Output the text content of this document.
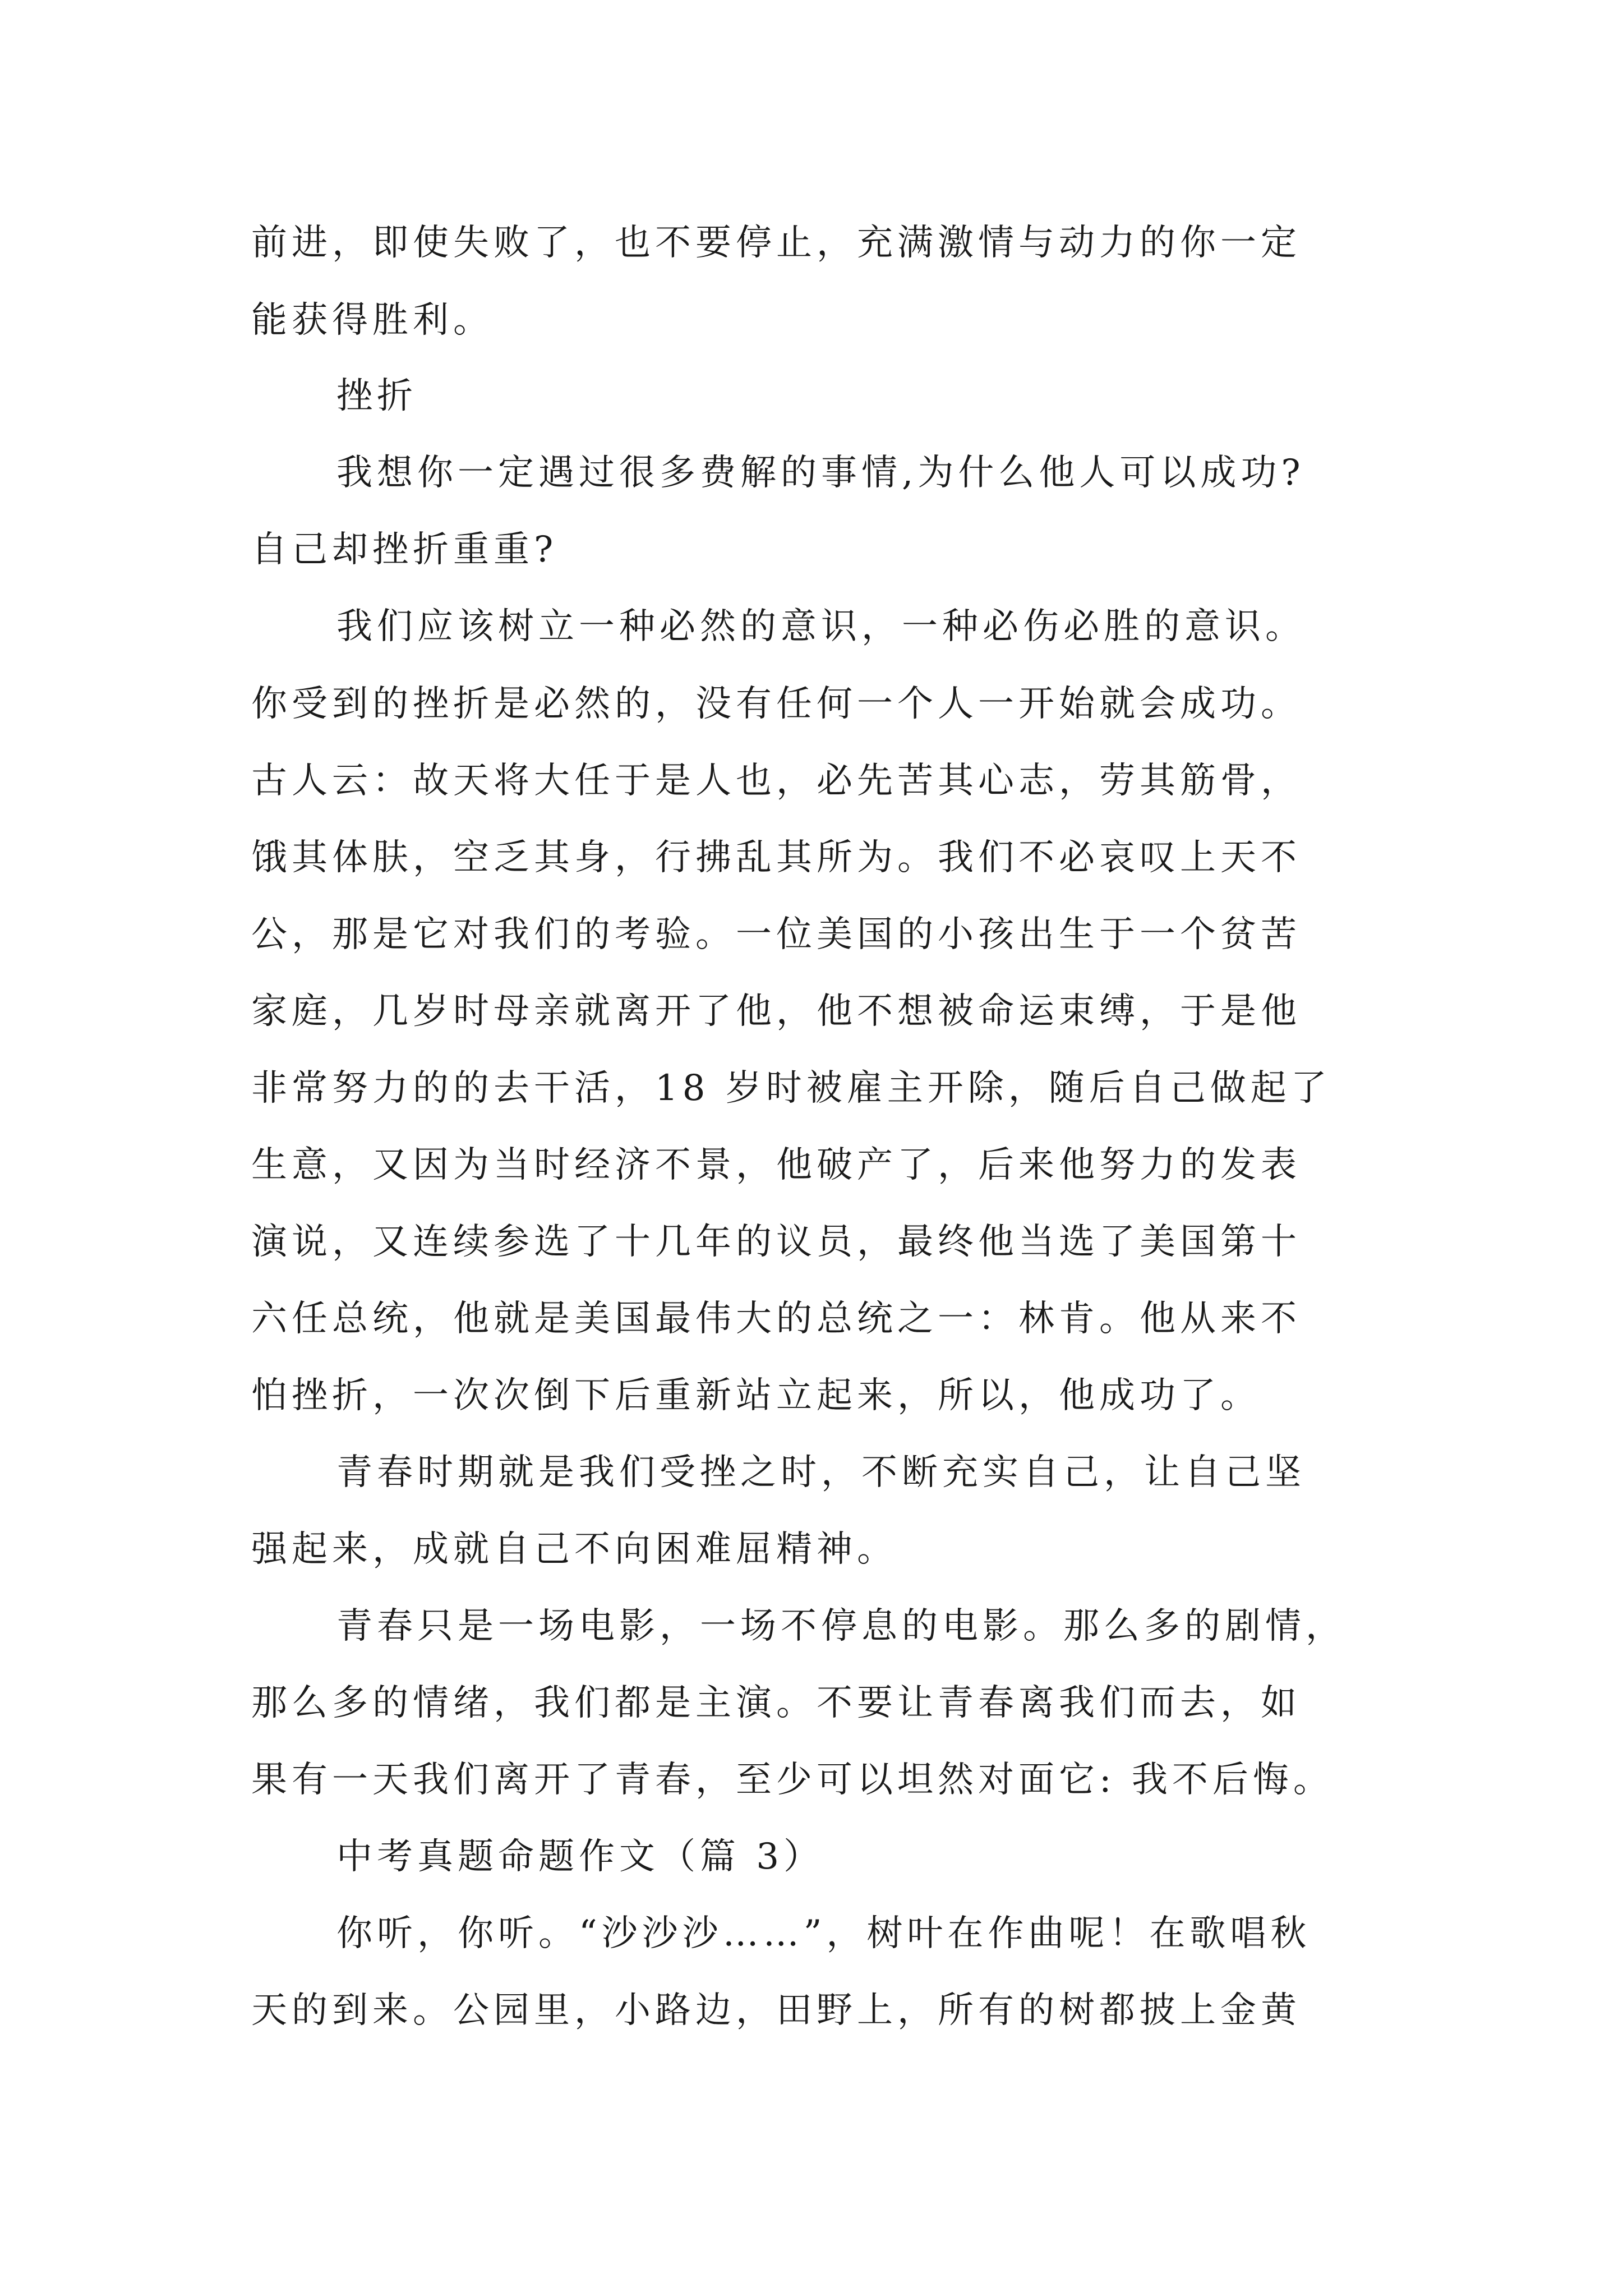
前进，即使失败了，也不要停止，充满激情与动力的你一定
能获得胜利。
挫折
我想你一定遇过很多费解的事情,为什么他人可以成功?
自己却挫折重重?
我们应该树立一种必然的意识，一种必伤必胜的意识。
你受到的挫折是必然的，没有任何一个人一开始就会成功。
古人云：故天将大任于是人也，必先苦其心志，劳其筋骨，
饿其体肤，空乏其身，行拂乱其所为。我们不必哀叹上天不
公，那是它对我们的考验。一位美国的小孩出生于一个贫苦
家庭，几岁时母亲就离开了他，他不想被命运束缚，于是他
非常努力的的去干活，18 岁时被雇主开除，随后自己做起了
生意，又因为当时经济不景，他破产了，后来他努力的发表
演说，又连续参选了十几年的议员，最终他当选了美国第十
六任总统，他就是美国最伟大的总统之一：林肯。他从来不
怕挫折，一次次倒下后重新站立起来，所以，他成功了。
青春时期就是我们受挫之时，不断充实自己，让自己坚
强起来，成就自己不向困难屈精神。
青春只是一场电影，一场不停息的电影。那么多的剧情，
那么多的情绪，我们都是主演。不要让青春离我们而去，如
果有一天我们离开了青春，至少可以坦然对面它: 我不后悔。
中考真题命题作文（篇 3）
你听，你听。“沙沙沙……”，树叶在作曲呢！在歌唱秋
天的到来。公园里，小路边，田野上，所有的树都披上金黄
